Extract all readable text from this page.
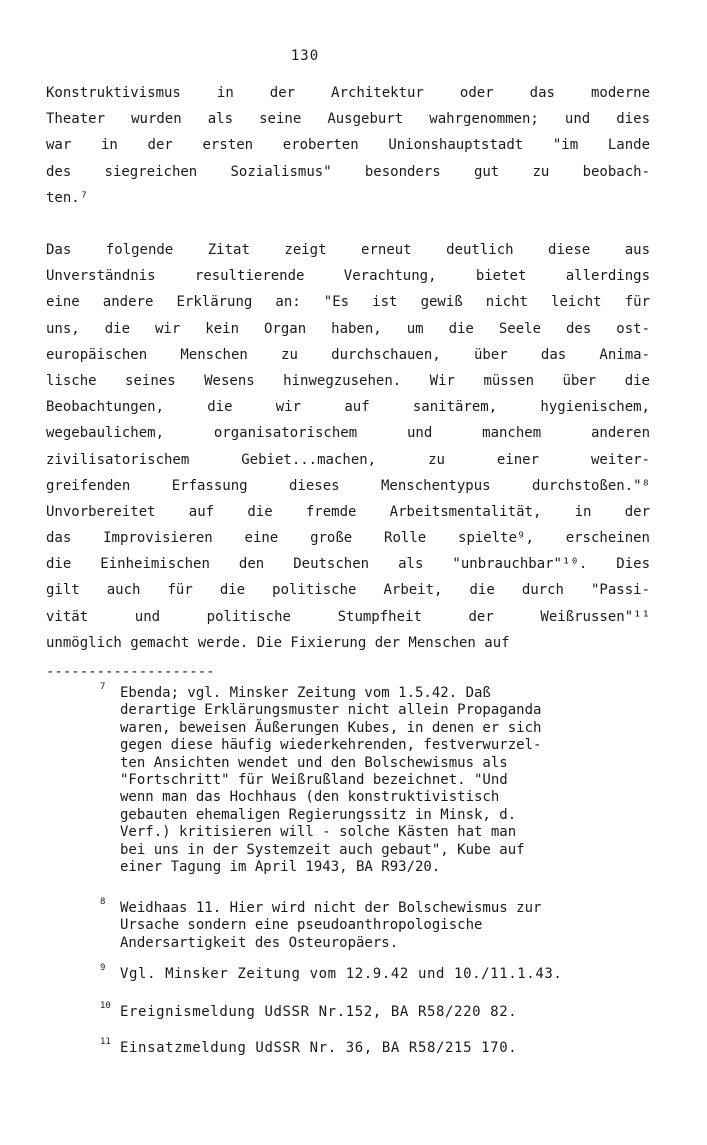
130
Konstruktivismus in der Architektur oder das moderne
Theater wurden als seine Ausgeburt wahrgenommen; und dies
war in der ersten eroberten Unionshauptstadt "im Lande
des siegreichen Sozialismus" besonders gut zu beobach-
ten.⁷
Das folgende Zitat zeigt erneut deutlich diese aus
Unverständnis resultierende Verachtung, bietet allerdings
eine andere Erklärung an: "Es ist gewiß nicht leicht für
uns, die wir kein Organ haben, um die Seele des ost-
europäischen Menschen zu durchschauen, über das Anima-
lische seines Wesens hinwegzusehen. Wir müssen über die
Beobachtungen, die wir auf sanitärem, hygienischem,
wegebaulichem, organisatorischem und manchem anderen
zivilisatorischem Gebiet...machen, zu einer weiter-
greifenden Erfassung dieses Menschentypus durchstoßen."⁸
Unvorbereitet auf die fremde Arbeitsmentalität, in der
das Improvisieren eine große Rolle spielte⁹, erscheinen
die Einheimischen den Deutschen als "unbrauchbar"¹⁰. Dies
gilt auch für die politische Arbeit, die durch "Passi-
vität und politische Stumpfheit der Weißrussen"¹¹
unmöglich gemacht werde. Die Fixierung der Menschen auf
--------------------
7	Ebenda; vgl. Minsker Zeitung vom 1.5.42. Daß
derartige Erklärungsmuster nicht allein Propaganda
waren, beweisen Äußerungen Kubes, in denen er sich
gegen diese häufig wiederkehrenden, festverwurzel-
ten Ansichten wendet und den Bolschewismus als
"Fortschritt" für Weißrußland bezeichnet. "Und
wenn man das Hochhaus (den konstruktivistisch
gebauten ehemaligen Regierungssitz in Minsk, d.
Verf.) kritisieren will - solche Kästen hat man
bei uns in der Systemzeit auch gebaut", Kube auf
einer Tagung im April 1943, BA R93/20.
8	Weidhaas 11. Hier wird nicht der Bolschewismus zur
Ursache sondern eine pseudoanthropologische
Andersartigkeit des Osteuropäers.
9	Vgl. Minsker Zeitung vom 12.9.42 und 10./11.1.43.
10 Ereignismeldung UdSSR Nr.152, BA R58/220 82.
11 Einsatzmeldung UdSSR Nr. 36, BA R58/215 170.
